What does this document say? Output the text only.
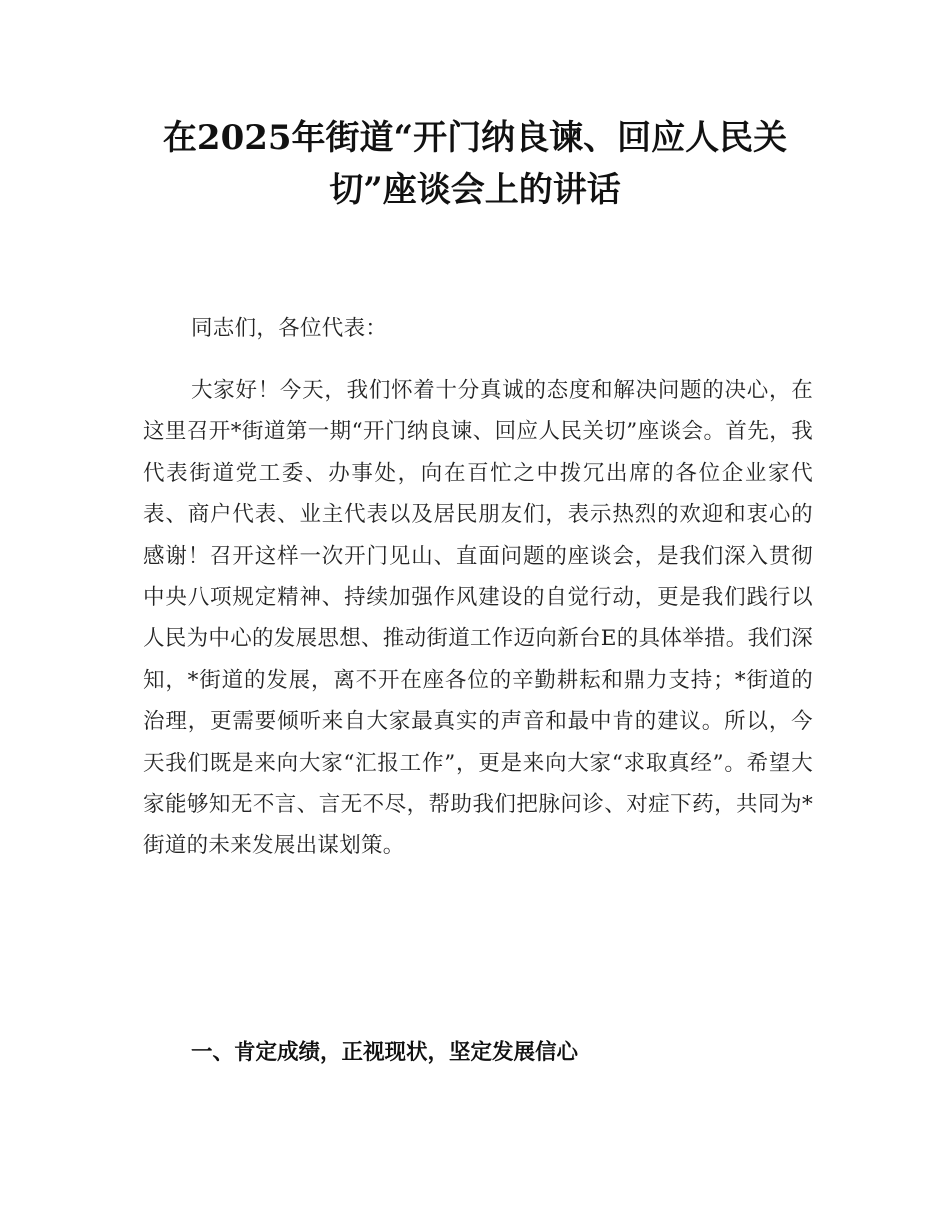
在2025年街道“开门纳良谏、回应人民关
切”座谈会上的讲话

同志们，各位代表：

大家好！今天，我们怀着十分真诚的态度和解决问题的决心，在这里召开*街道第一期“开门纳良谏、回应人民关切”座谈会。首先，我代表街道党工委、办事处，向在百忙之中拨冗出席的各位企业家代表、商户代表、业主代表以及居民朋友们，表示热烈的欢迎和衷心的感谢！召开这样一次开门见山、直面问题的座谈会，是我们深入贯彻中央八项规定精神、持续加强作风建设的自觉行动，更是我们践行以人民为中心的发展思想、推动街道工作迈向新台E的具体举措。我们深知，*街道的发展，离不开在座各位的辛勤耕耘和鼎力支持；*街道的治理，更需要倾听来自大家最真实的声音和最中肯的建议。所以，今天我们既是来向大家“汇报工作”，更是来向大家“求取真经”。希望大家能够知无不言、言无不尽，帮助我们把脉问诊、对症下药，共同为*街道的未来发展出谋划策。

一、肯定成绩，正视现状，坚定发展信心
